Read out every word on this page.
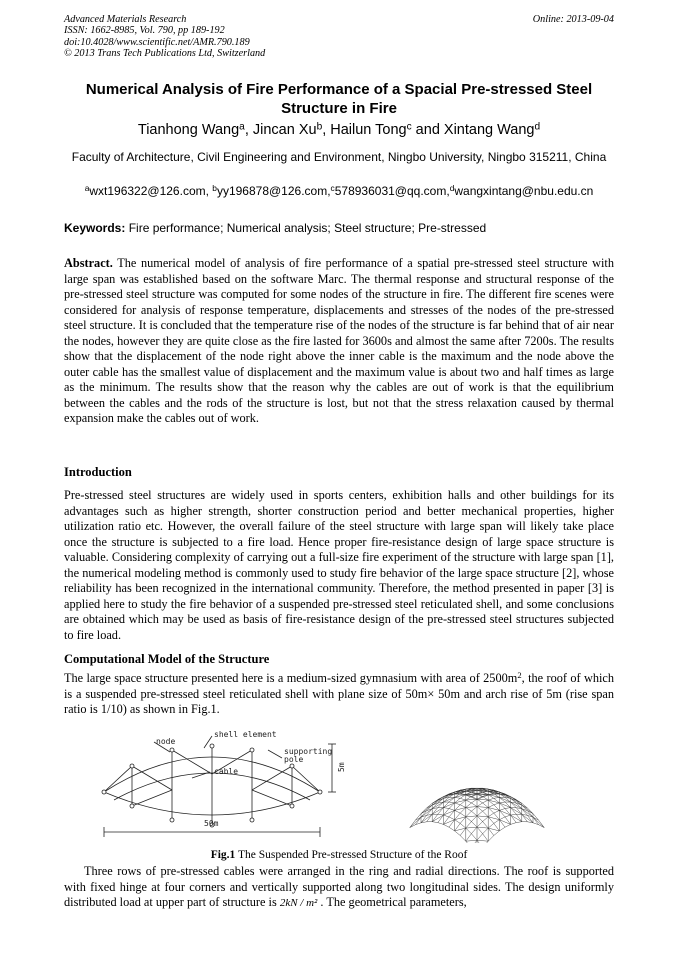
Advanced Materials Research
ISSN: 1662-8985, Vol. 790, pp 189-192
doi:10.4028/www.scientific.net/AMR.790.189
© 2013 Trans Tech Publications Ltd, Switzerland
Online: 2013-09-04
Numerical Analysis of Fire Performance of a Spacial Pre-stressed Steel Structure in Fire
Tianhong Wang$^a$, Jincan Xu$^b$, Hailun Tong$^c$ and Xintang Wang$^d$
Faculty of Architecture, Civil Engineering and Environment, Ningbo University, Ningbo 315211, China
$^a$wxt196322@126.com, $^b$yy196878@126.com,$^c$578936031@qq.com,$^d$wangxintang@nbu.edu.cn
Keywords: Fire performance; Numerical analysis; Steel structure; Pre-stressed
Abstract. The numerical model of analysis of fire performance of a spatial pre-stressed steel structure with large span was established based on the software Marc. The thermal response and structural response of the pre-stressed steel structure was computed for some nodes of the structure in fire. The different fire scenes were considered for analysis of response temperature, displacements and stresses of the nodes of the pre-stressed steel structure. It is concluded that the temperature rise of the nodes of the structure is far behind that of air near the nodes, however they are quite close as the fire lasted for 3600s and almost the same after 7200s. The results show that the displacement of the node right above the inner cable is the maximum and the node above the outer cable has the smallest value of displacement and the maximum value is about two and half times as large as the minimum. The results show that the reason why the cables are out of work is that the equilibrium between the cables and the rods of the structure is lost, but not that the stress relaxation caused by thermal expansion make the cables out of work.
Introduction
Pre-stressed steel structures are widely used in sports centers, exhibition halls and other buildings for its advantages such as higher strength, shorter construction period and better mechanical properties, higher utilization ratio etc. However, the overall failure of the steel structure with large span will likely take place once the structure is subjected to a fire load. Hence proper fire-resistance design of large space structure is valuable. Considering complexity of carrying out a full-size fire experiment of the structure with large span [1], the numerical modeling method is commonly used to study fire behavior of the large space structure [2], whose reliability has been recognized in the international community. Therefore, the method presented in paper [3] is applied here to study the fire behavior of a suspended pre-stressed steel reticulated shell, and some conclusions are obtained which may be used as basis of fire-resistance design of the pre-stressed steel structures subjected to fire load.
Computational Model of the Structure
The large space structure presented here is a medium-sized gymnasium with area of $2500m^2$, the roof of which is a suspended pre-stressed steel reticulated shell with plane size of 50m× 50m and arch rise of 5m (rise span ratio is 1/10) as shown in Fig.1.
node
shell element
supporting
pole
cable
50m
5m
Fig.1 The Suspended Pre-stressed Structure of the Roof
Three rows of pre-stressed cables were arranged in the ring and radial directions. The roof is supported with fixed hinge at four corners and vertically supported along two longitudinal sides. The design uniformly distributed load at upper part of structure is 2kN / m² . The geometrical parameters,
